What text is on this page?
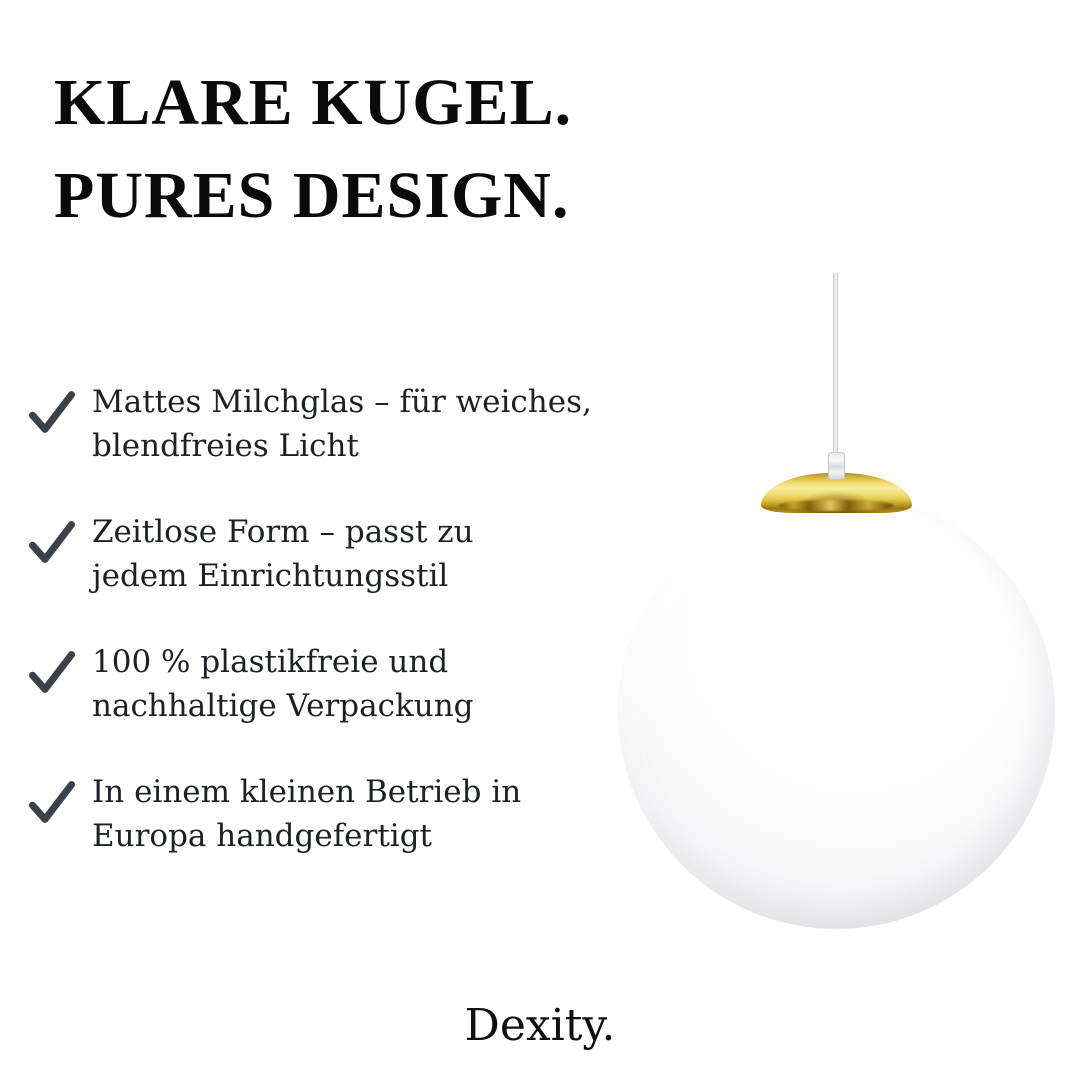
KLARE KUGEL.
PURES DESIGN.

Mattes Milchglas – für weiches,
blendfreies Licht

Zeitlose Form – passt zu
jedem Einrichtungsstil

100 % plastikfreie und
nachhaltige Verpackung

In einem kleinen Betrieb in
Europa handgefertigt

Dexity.
